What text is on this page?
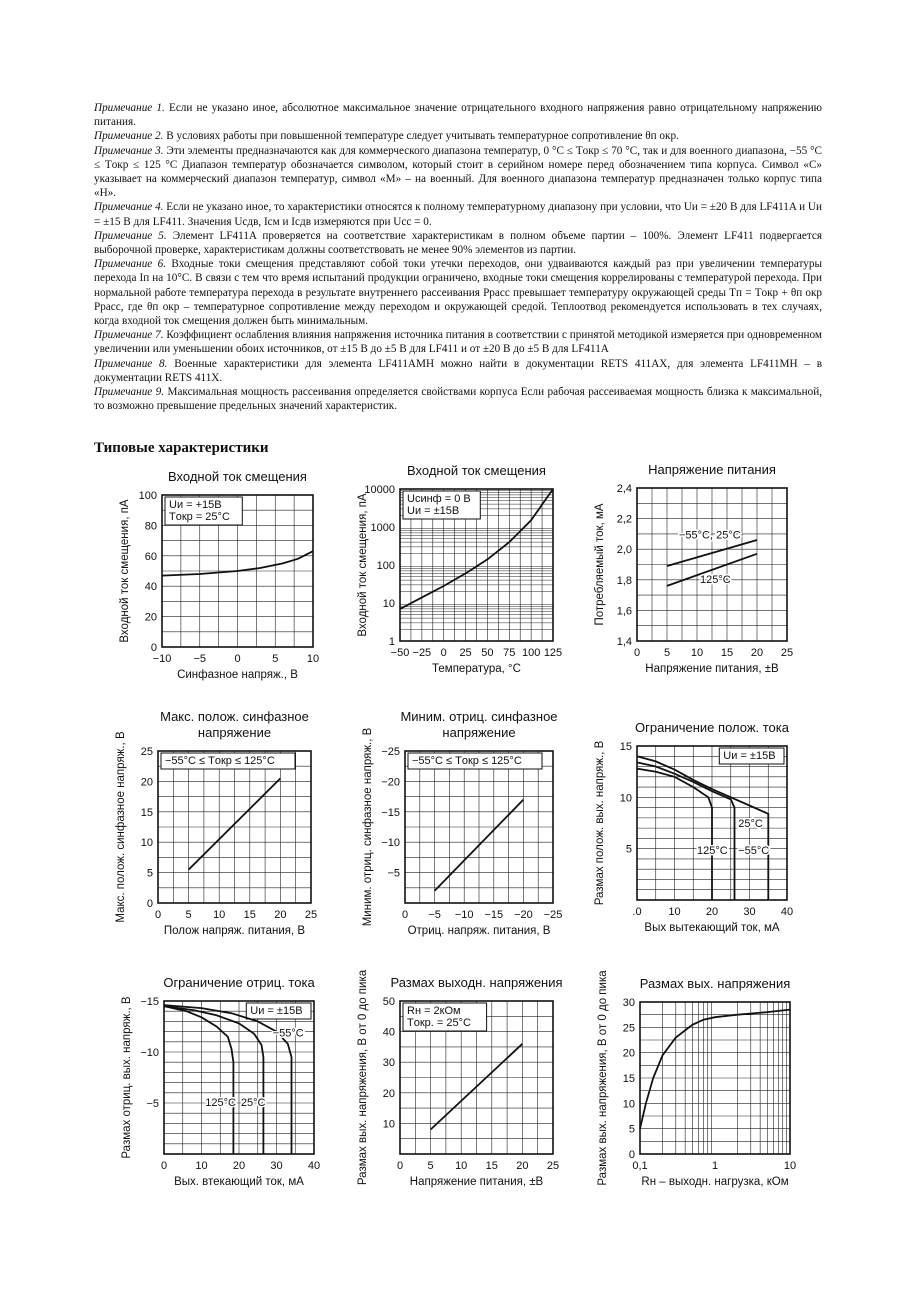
Примечание 1. Если не указано иное, абсолютное максимальное значение отрицательного входного напряжения равно отрицательному напряжению питания.

Примечание 2. В условиях работы при повышенной температуре следует учитывать температурное сопротивление θп окр.

Примечание 3. Эти элементы предназначаются как для коммерческого диапазона температур, 0 °С ≤ Tокр ≤ 70 °С, так и для военного диапазона, −55 °С ≤ Tокр ≤ 125 °С Диапазон температур обозначается символом, который стоит в серийном номере перед обозначением типа корпуса. Символ «С» указывает на коммерческий диапазон температур, символ «М» – на военный. Для военного диапазона температур предназначен только корпус типа «Н».

Примечание 4. Если не указано иное, то характеристики относятся к полному температурному диапазону при условии, что Uи = ±20 В для LF411A и Uи = ±15 В для LF411. Значения Uсдв, Iсм и Iсдв измеряются при Ucc = 0.

Примечание 5. Элемент LF411A проверяется на соответствие характеристикам в полном объеме партии – 100%. Элемент LF411 подвергается выборочной проверке, характеристикам должны соответствовать не менее 90% элементов из партии.

Примечание 6. Входные токи смещения представляют собой токи утечки переходов, они удваиваются каждый раз при увеличении температуры перехода Iп на 10°С. В связи с тем что время испытаний продукции ограничено, входные токи смещения коррелированы с температурой перехода. При нормальной работе температура перехода в результате внутреннего рассеивания Pрасс превышает температуру окружающей среды Tп = Tокр + θп окр Pрасс, где θп окр – температурное сопротивление между переходом и окружающей средой. Теплоотвод рекомендуется использовать в тех случаях, когда входной ток смещения должен быть минимальным.

Примечание 7. Коэффициент ослабления влияния напряжения источника питания в соответствии с принятой методикой измеряется при одновременном увеличении или уменьшении обоих источников, от ±15 В до ±5 В для LF411 и от ±20 В до ±5 В для LF411A

Примечание 8. Военные характеристики для элемента LF411AMH можно найти в документации RETS 411AX, для элемента LF411MH – в документации RETS 411X.

Примечание 9. Максимальная мощность рассеивания определяется свойствами корпуса Если рабочая рассеиваемая мощность близка к максимальной, то возможно превышение предельных значений характеристик.

Типовые характеристики
−10 −5	0	5	10
0
20
40
60
80
100
Входной ток смещения
Синфазное напряж., В
Входной ток смещения, пА	Uи = +15В
Tокр = 25°С
−50 −25 0 25 50 75 100 125
1
10
100
1000
10000
Входной ток смещения
Температура, °С
Входной ток смещения, пА	Uсинф = 0 В
Uи = ±15В
0 5 10 15 20 25
1,4
1,6
1,8
2,0
2,2
2,4
Напряжение питания
Напряжение питания, ±В
Потребляемый ток, мА	−55°С, 25°С
125°С
0 5 10 15 20 25
0
5
10
15
20
25
Макс. полож. синфазное
напряжение
Полож напряж. питания, В
Макс. полож. синфазное напряж., В	−55°С ≤ Tокр ≤ 125°С
0 −5 −10 −15 −20 −25
−5
−10
−15
−20
−25
Миним. отриц. синфазное
напряжение
Отриц. напряж. питания, В
Миним. отриц. синфазное напряж., В	−55°С ≤ Tокр ≤ 125°С
.0 10 20 30 40
5
10
15
Ограничение полож. тока
Вых вытекающий ток, мА
Размах полож. вых. напряж., В	Uи = ±15В
125°С
25°С
−55°С
0	10 20 30 40
−5
−10
−15
Ограничение отриц. тока
Вых. втекающий ток, мА
Размах отриц. вых. напряж., В	Uи = ±15В
125°С 25°С
−55°С
0 5 10 15 20 25
10
20
30
40
50
Размах выходн. напряжения
Напряжение питания, ±В
Размах вых. напряжения, В от 0 до пика	Rн = 2кОм
Tокр. = 25°С
0,1	1	10
0
5
10
15
20
25
30
Размах вых. напряжения
Rн – выходн. нагрузка, кОм
Размах вых. напряжения, В от 0 до пика
